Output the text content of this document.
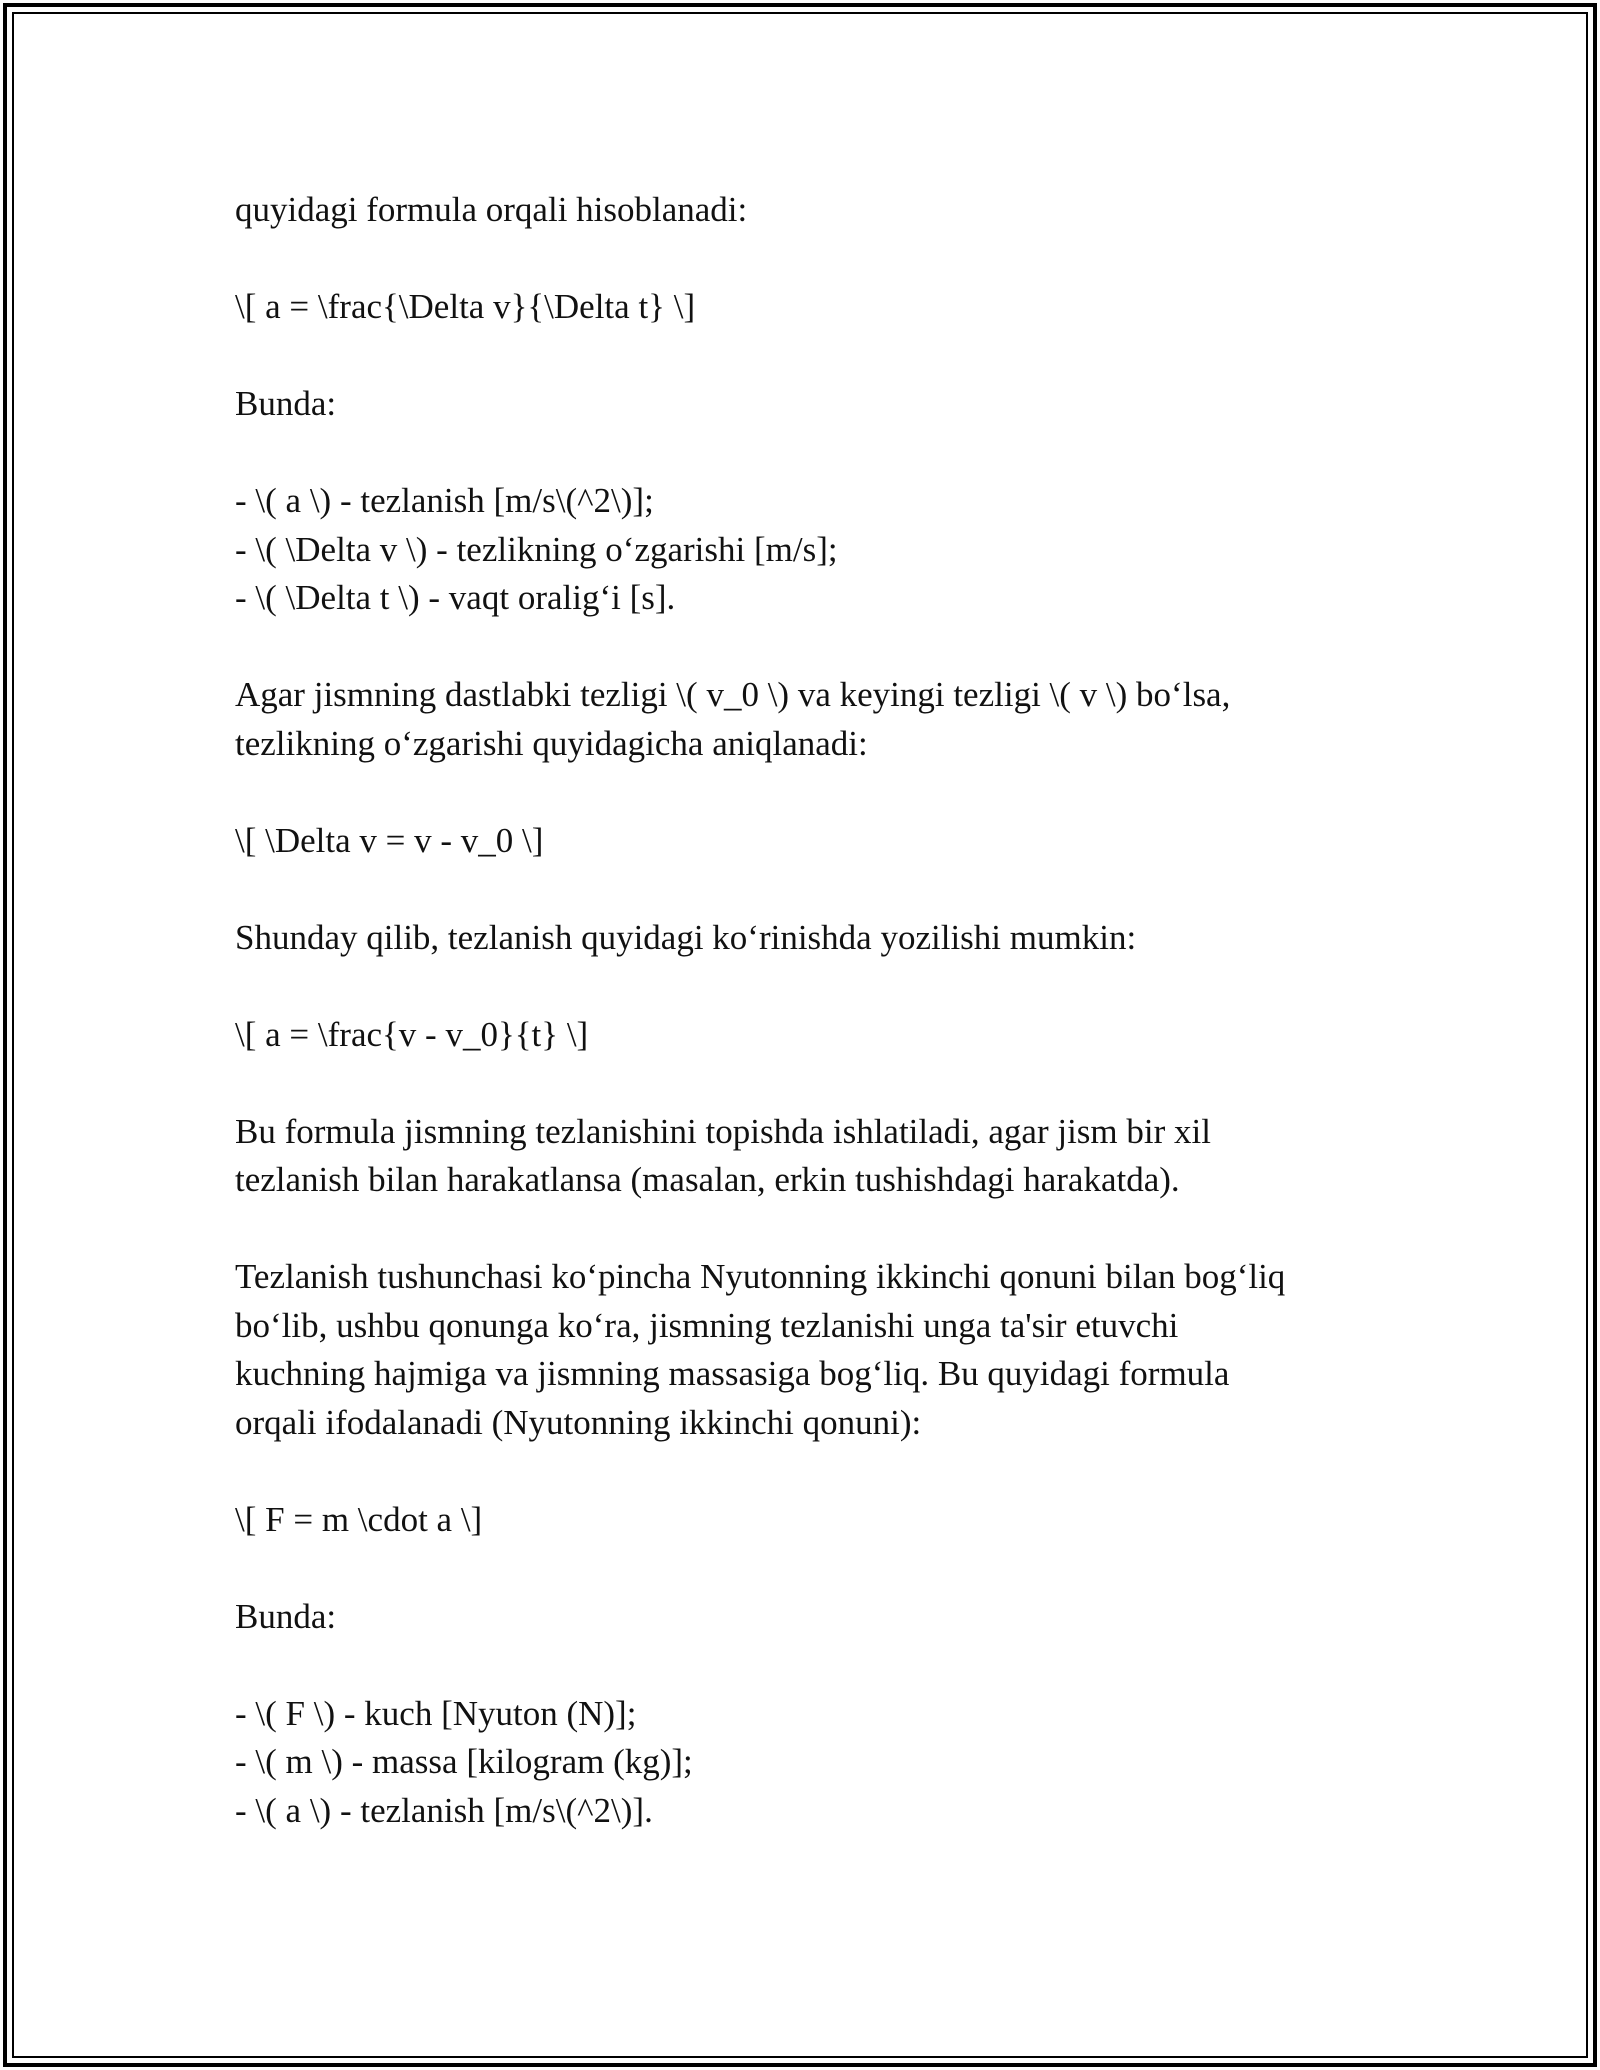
quyidagi formula orqali hisoblanadi:
\[ a = \frac{\Delta v}{\Delta t} \]
Bunda:
- \( a \) - tezlanish [m/s\(^2\)];
- \( \Delta v \) - tezlikning o‘zgarishi [m/s];
- \( \Delta t \) - vaqt oralig‘i [s].
Agar jismning dastlabki tezligi \( v_0 \) va keyingi tezligi \( v \) bo‘lsa,
tezlikning o‘zgarishi quyidagicha aniqlanadi:
\[ \Delta v = v - v_0 \]
Shunday qilib, tezlanish quyidagi ko‘rinishda yozilishi mumkin:
\[ a = \frac{v - v_0}{t} \]
Bu formula jismning tezlanishini topishda ishlatiladi, agar jism bir xil
tezlanish bilan harakatlansa (masalan, erkin tushishdagi harakatda).
Tezlanish tushunchasi ko‘pincha Nyutonning ikkinchi qonuni bilan bog‘liq
bo‘lib, ushbu qonunga ko‘ra, jismning tezlanishi unga ta'sir etuvchi
kuchning hajmiga va jismning massasiga bog‘liq. Bu quyidagi formula
orqali ifodalanadi (Nyutonning ikkinchi qonuni):
\[ F = m \cdot a \]
Bunda:
- \( F \) - kuch [Nyuton (N)];
- \( m \) - massa [kilogram (kg)];
- \( a \) - tezlanish [m/s\(^2\)].
